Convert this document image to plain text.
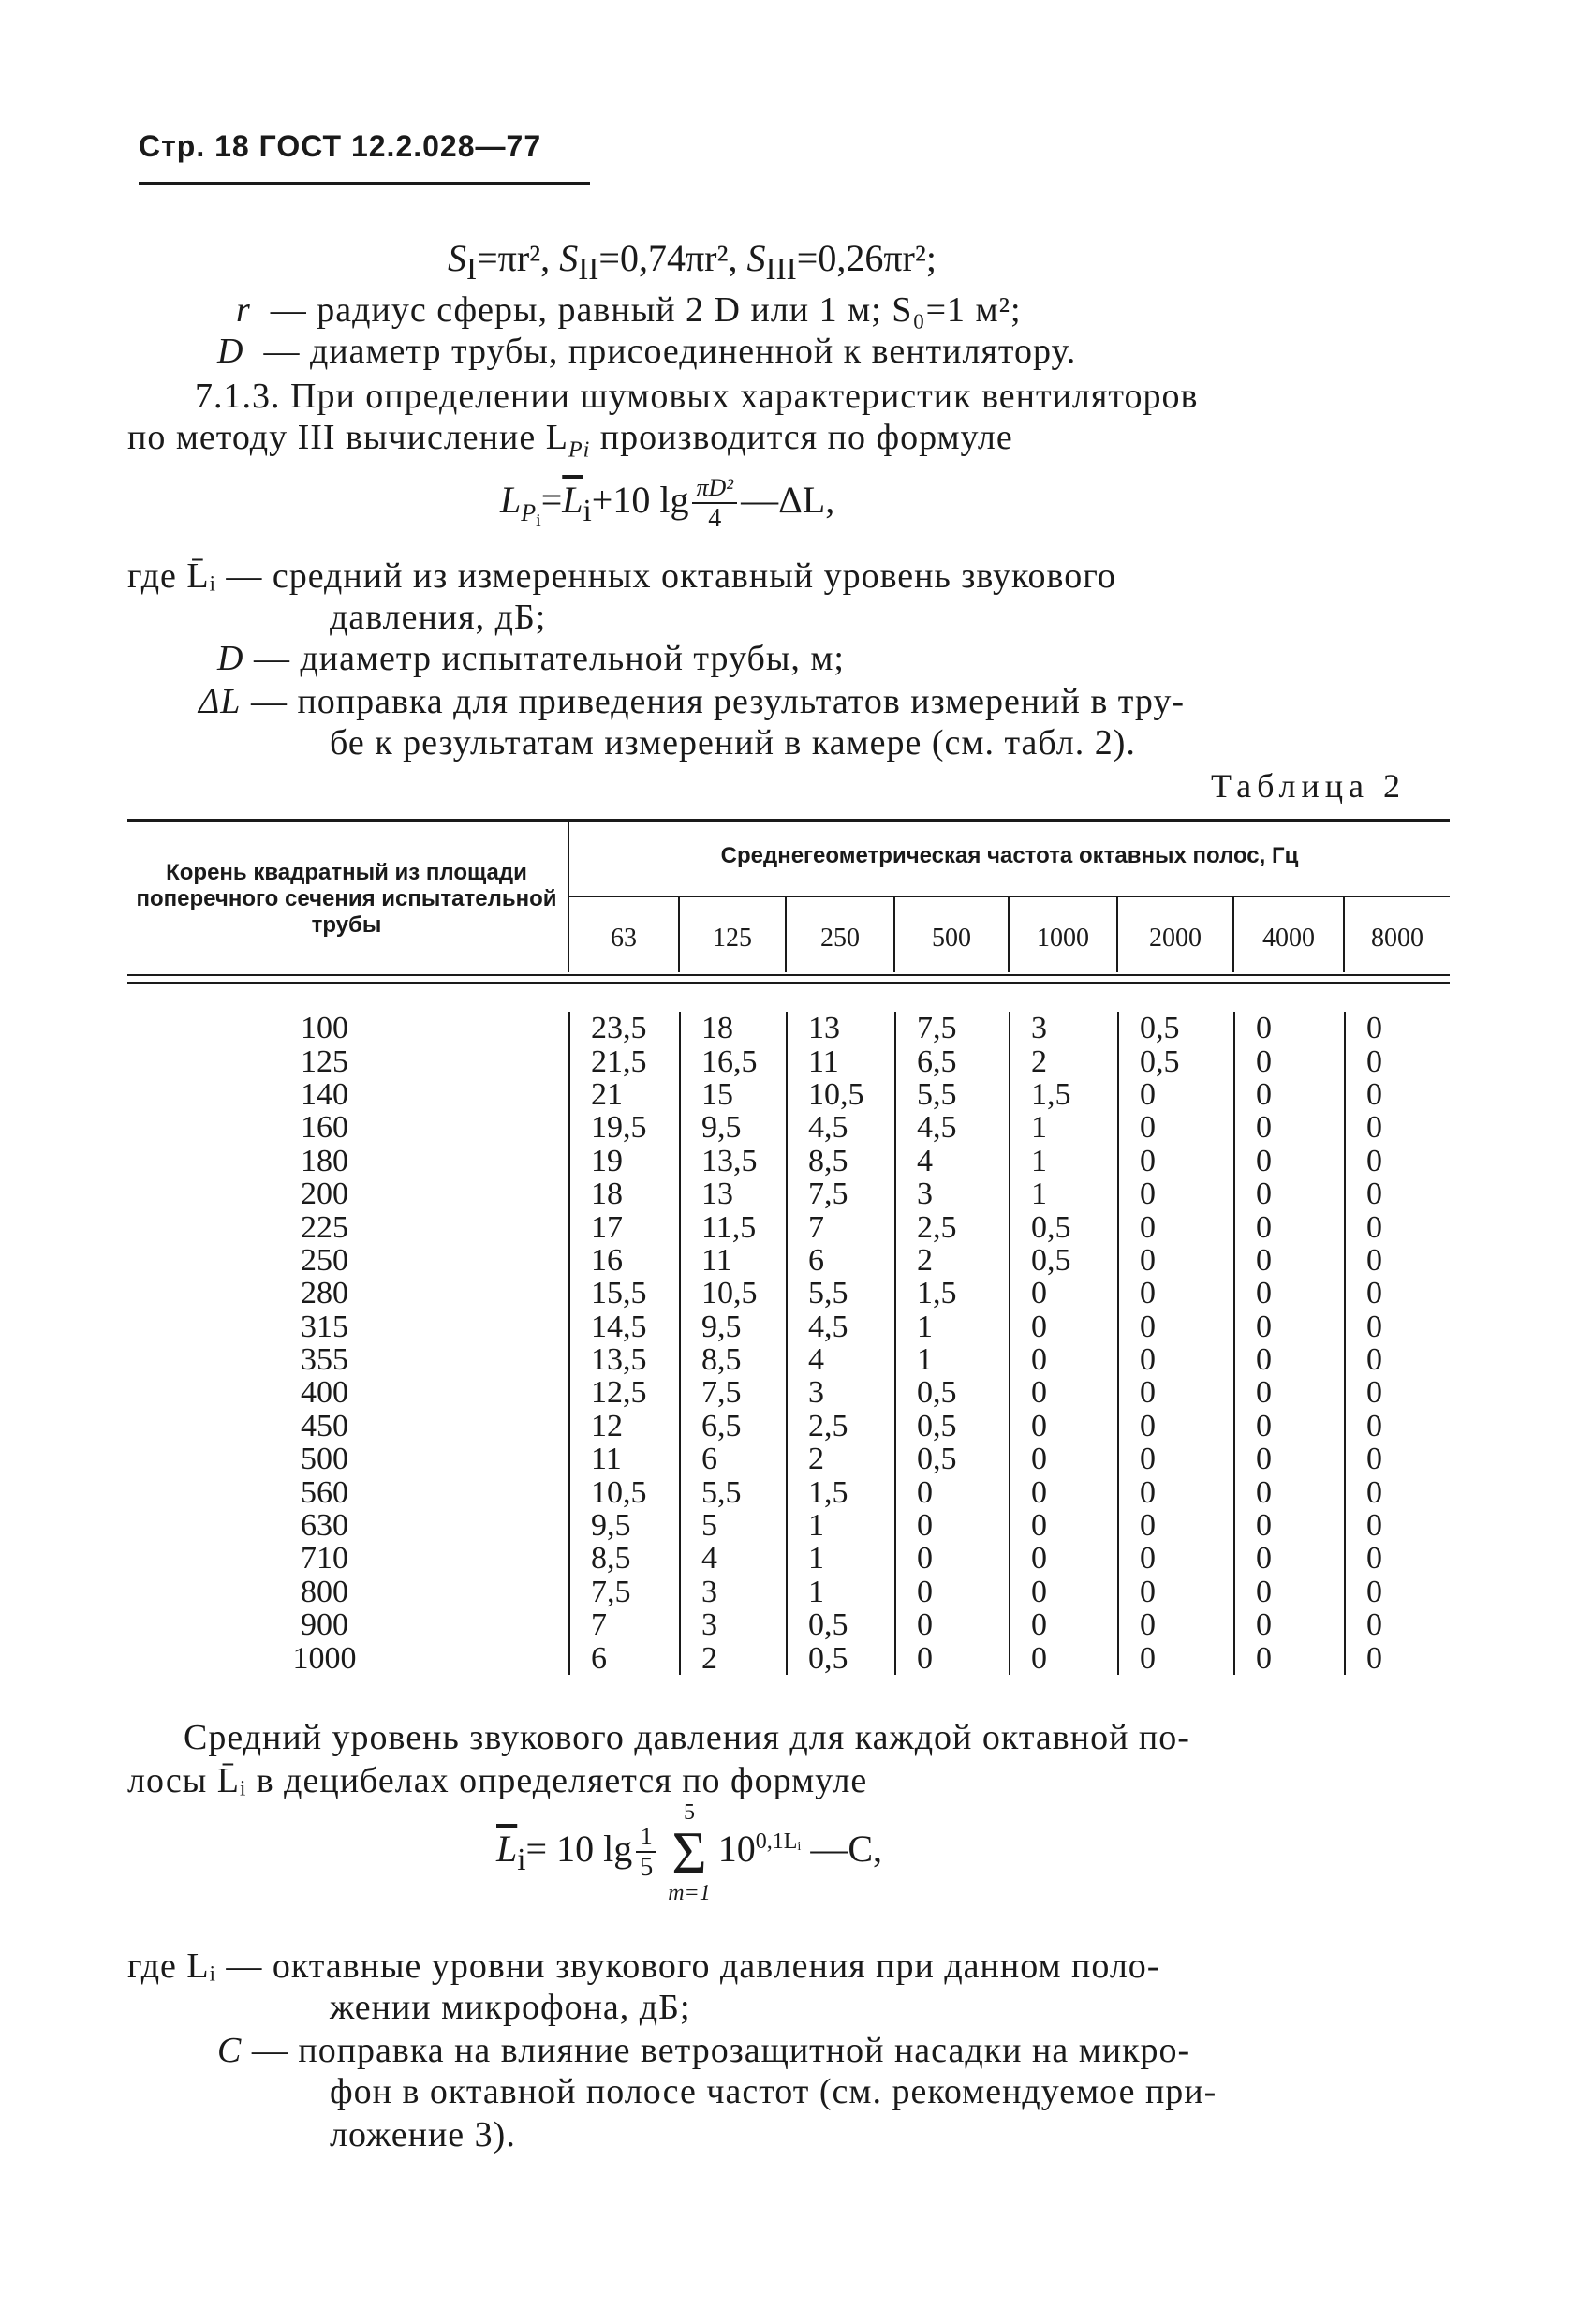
Стр. 18 ГОСТ 12.2.028—77
$S_I=\pi r^2$, $S_{II}=0,74\pi r^2$, $S_{III}=0,26\pi r^2$;
r — радиус сферы, равный 2 D или 1 м; S₀=1 м²;
D — диаметр трубы, присоединенной к вентилятору.
7.1.3. При определении шумовых характеристик вентиляторов
по методу III вычисление $L_{Pi}$ производится по формуле
$L_{P_i}=\overline{L}_i+10$ $\lg \frac{\text{πD²}}{4}$ —ΔL,
где L̄ᵢ — средний из измеренных октавный уровень звукового
давления, дБ;
D — диаметр испытательной трубы, м;
ΔL — поправка для приведения результатов измерений в тру-
бе к результатам измерений в камере (см. табл. 2).
Таблица 2
Корень квадратный из площади поперечного сечения испытательной трубы
Среднегеометрическая частота октавных полос, Гц
63	125	250	500	1000	2000	4000	8000
100	23,5	18	13	7,5	3	0,5	0	0
125	21,5	16,5	11	6,5	2	0,5	0	0
140	21	15	10,5	5,5	1,5	0	0	0
160	19,5	9,5	4,5	4,5	1	0	0	0
180	19	13,5	8,5	4	1	0	0	0
200	18	13	7,5	3	1	0	0	0
225	17	11,5	7	2,5	0,5	0	0	0
250	16	11	6	2	0,5	0	0	0
280	15,5	10,5	5,5	1,5	0	0	0	0
315	14,5	9,5	4,5	1	0	0	0	0
355	13,5	8,5	4	1	0	0	0	0
400	12,5	7,5	3	0,5	0	0	0	0
450	12	6,5	2,5	0,5	0	0	0	0
500	11	6	2	0,5	0	0	0	0
560	10,5	5,5	1,5	0	0	0	0	0
630	9,5	5	1	0	0	0	0	0
710	8,5	4	1	0	0	0	0	0
800	7,5	3	1	0	0	0	0	0
900	7	3	0,5	0	0	0	0	0
1000	6	2	0,5	0	0	0	0	0
Средний уровень звукового давления для каждой октавной по-
лосы L̄ᵢ в децибелах определяется по формуле
$\overline{L}_i= 10$ $\lg \frac{1}{5}$
5
Σ
m=1
$10^{0,1Lᵢ}$ —C,
где Lᵢ — октавные уровни звукового давления при данном поло-
жении микрофона, дБ;
C — поправка на влияние ветрозащитной насадки на микро-
фон в октавной полосе частот (см. рекомендуемое при-
ложение 3).
